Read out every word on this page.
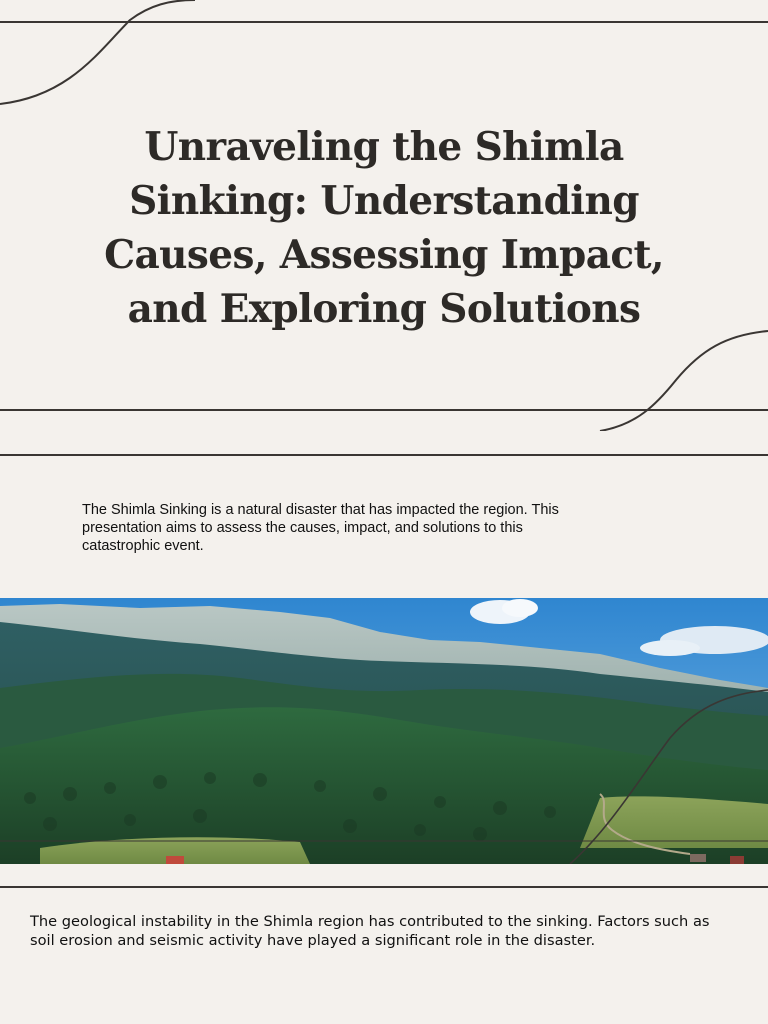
Unraveling the Shimla Sinking: Understanding Causes, Assessing Impact, and Exploring Solutions

The Shimla Sinking is a natural disaster that has impacted the region. This presentation aims to assess the causes, impact, and solutions to this catastrophic event.

The geological instability in the Shimla region has contributed to the sinking. Factors such as soil erosion and seismic activity have played a significant role in the disaster.
